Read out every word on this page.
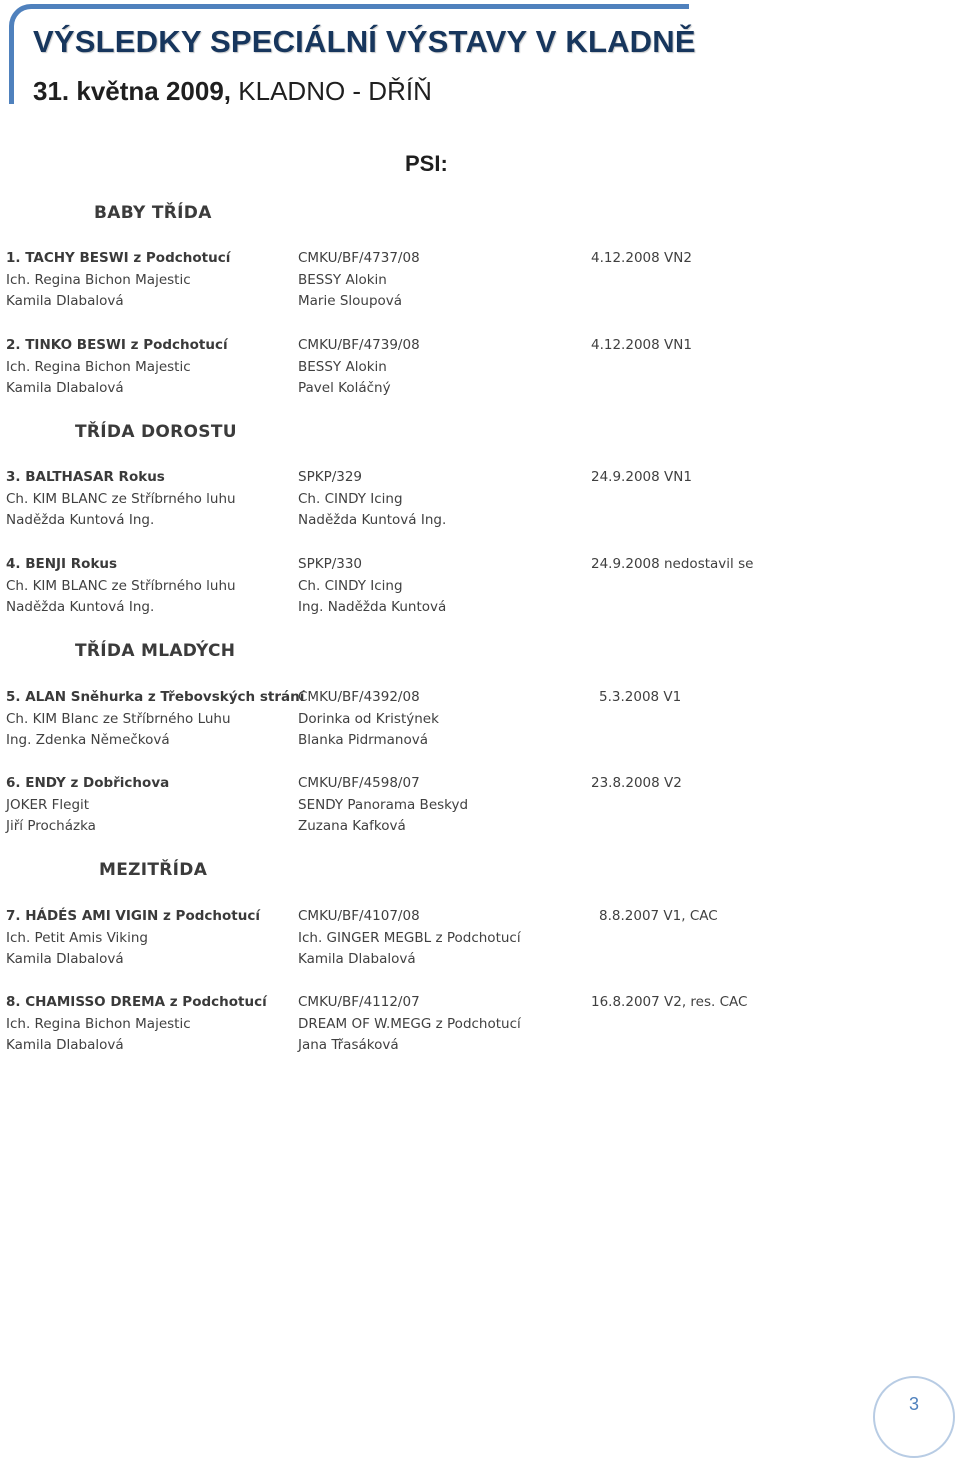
VÝSLEDKY SPECIÁLNÍ VÝSTAVY V KLADNĚ

31. května 2009, KLADNO - DŘÍŇ

PSI:
BABY TŘÍDA
1. TACHY BESWI z Podchotucí
Ich. Regina Bichon Majestic
Kamila Dlabalová
CMKU/BF/4737/08
BESSY Alokin
Marie Sloupová
4.12.2008 VN2
2. TINKO BESWI z Podchotucí
Ich. Regina Bichon Majestic
Kamila Dlabalová
CMKU/BF/4739/08
BESSY Alokin
Pavel Koláčný
4.12.2008 VN1
TŘÍDA DOROSTU
3. BALTHASAR Rokus
Ch. KIM BLANC ze Stříbrného luhu
Naděžda Kuntová Ing.
SPKP/329
Ch. CINDY Icing
Naděžda Kuntová Ing.
24.9.2008 VN1
4. BENJI Rokus
Ch. KIM BLANC ze Stříbrného luhu
Naděžda Kuntová Ing.
SPKP/330
Ch. CINDY Icing
Ing. Naděžda Kuntová
24.9.2008 nedostavil se
TŘÍDA MLADÝCH
5. ALAN Sněhurka z Třebovských strání
Ch. KIM Blanc ze Stříbrného Luhu
Ing. Zdenka Němečková
CMKU/BF/4392/08
Dorinka od Kristýnek
Blanka Pidrmanová
5.3.2008 V1
6. ENDY z Dobřichova
JOKER Flegit
Jiří Procházka
CMKU/BF/4598/07
SENDY Panorama Beskyd
Zuzana Kafková
23.8.2008 V2
MEZITŘÍDA
7. HÁDÉS AMI VIGIN z Podchotucí
Ich. Petit Amis Viking
Kamila Dlabalová
CMKU/BF/4107/08
Ich. GINGER MEGBL z Podchotucí
Kamila Dlabalová
8.8.2007 V1, CAC
8. CHAMISSO DREMA z Podchotucí
Ich. Regina Bichon Majestic
Kamila Dlabalová
CMKU/BF/4112/07
DREAM OF W.MEGG z Podchotucí
Jana Třasáková
16.8.2007 V2, res. CAC
3
